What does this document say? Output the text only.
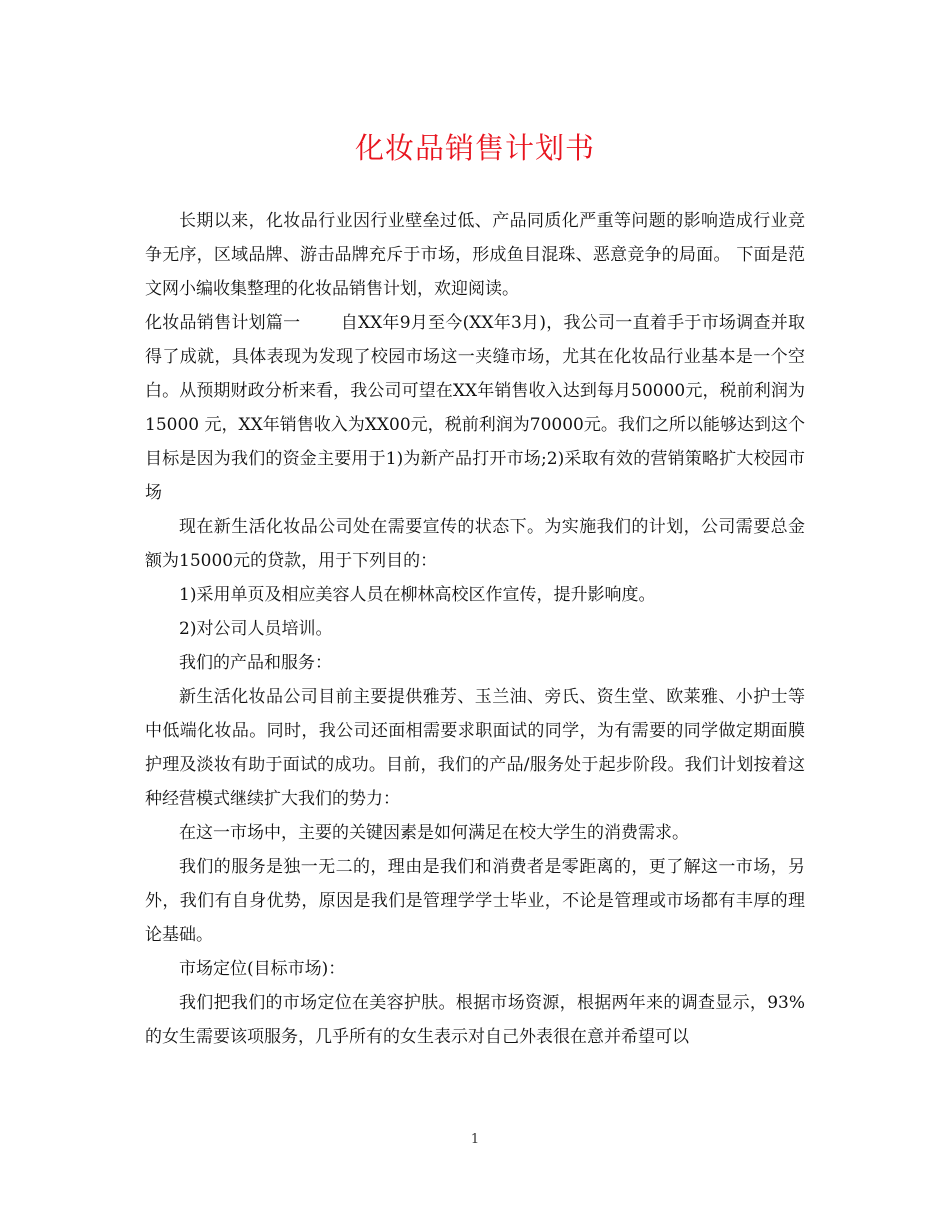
化妆品销售计划书

长期以来，化妆品行业因行业壁垒过低、产品同质化严重等问题的影响造成行业竞争无序，区域品牌、游击品牌充斥于市场，形成鱼目混珠、恶意竞争的局面。 下面是范文网小编收集整理的化妆品销售计划，欢迎阅读。

化妆品销售计划篇一 自XX年9月至今(XX年3月)，我公司一直着手于市场调查并取得了成就，具体表现为发现了校园市场这一夹缝市场，尤其在化妆品行业基本是一个空白。从预期财政分析来看，我公司可望在XX年销售收入达到每月50000元，税前利润为15000 元，XX年销售收入为XX00元，税前利润为70000元。我们之所以能够达到这个目标是因为我们的资金主要用于1)为新产品打开市场;2)采取有效的营销策略扩大校园市场

现在新生活化妆品公司处在需要宣传的状态下。为实施我们的计划，公司需要总金额为15000元的贷款，用于下列目的：

1)采用单页及相应美容人员在柳林高校区作宣传，提升影响度。

2)对公司人员培训。

我们的产品和服务：

新生活化妆品公司目前主要提供雅芳、玉兰油、旁氏、资生堂、欧莱雅、小护士等中低端化妆品。同时，我公司还面相需要求职面试的同学，为有需要的同学做定期面膜护理及淡妆有助于面试的成功。目前，我们的产品/服务处于起步阶段。我们计划按着这种经营模式继续扩大我们的势力：

在这一市场中，主要的关键因素是如何满足在校大学生的消费需求。

我们的服务是独一无二的，理由是我们和消费者是零距离的，更了解这一市场，另外，我们有自身优势，原因是我们是管理学学士毕业，不论是管理或市场都有丰厚的理论基础。

市场定位(目标市场)：

我们把我们的市场定位在美容护肤。根据市场资源，根据两年来的调查显示，93%的女生需要该项服务，几乎所有的女生表示对自己外表很在意并希望可以

1
